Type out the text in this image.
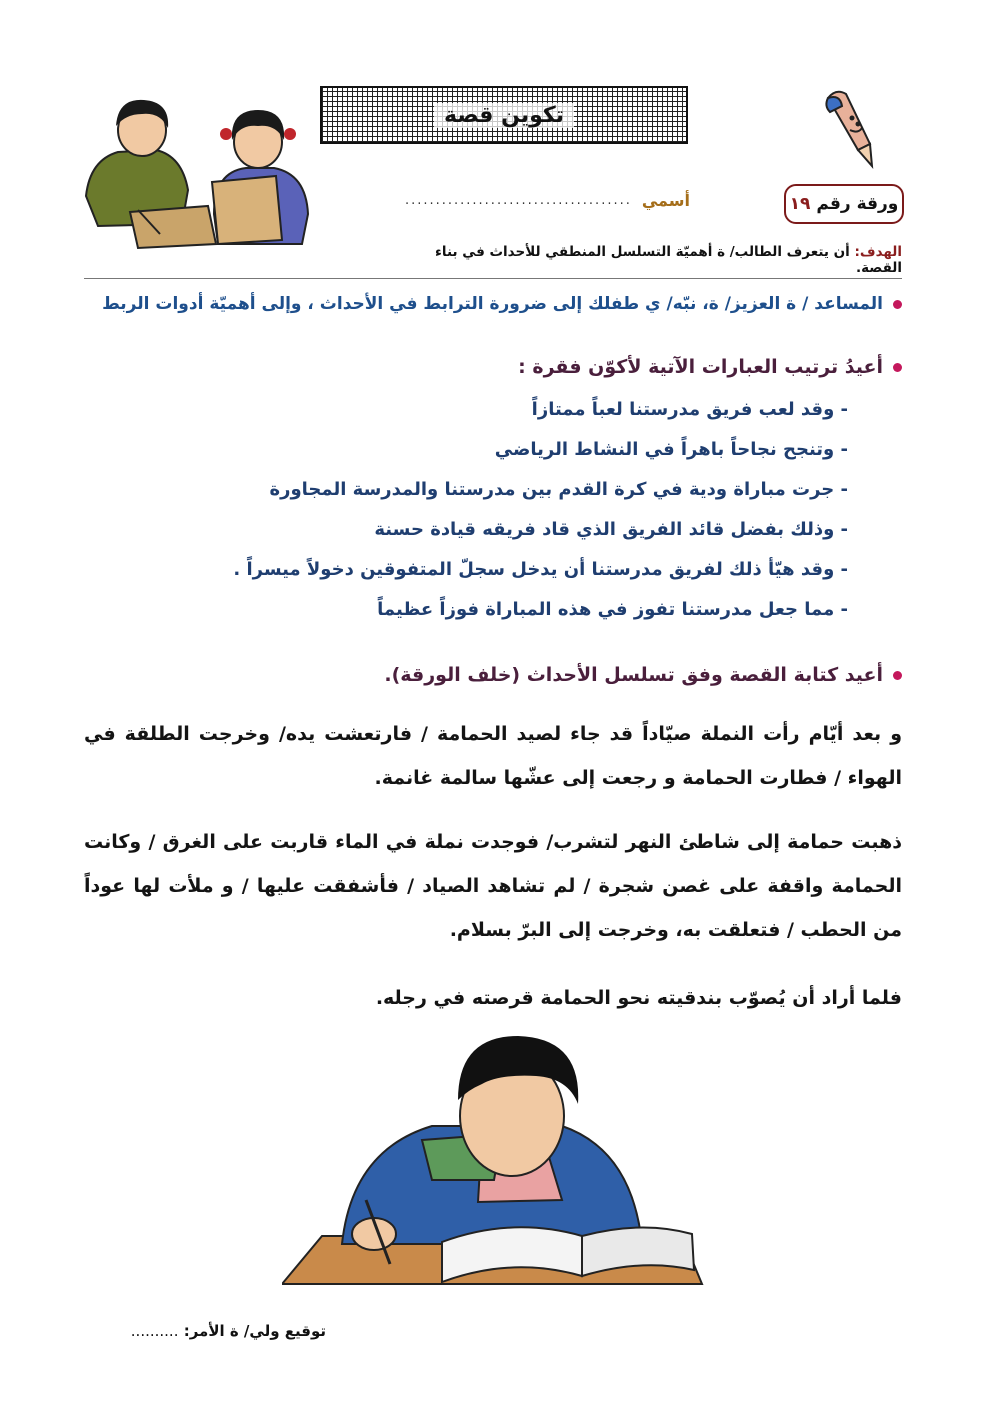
تكوين قصة
ورقة رقم
١٩
أسمي
.....................................
الهدف: أن يتعرف الطالب/ ة أهميّة التسلسل المنطقي للأحداث في بناء القصة.
المساعد / ة العزيز/ ة، نبّه/ ي طفلك إلى ضرورة الترابط في الأحداث ، وإلى أهميّة أدوات الربط
أعيدُ ترتيب العبارات الآتية لأكوّن فقرة :
- وقد لعب فريق مدرستنا لعباً ممتازاً
- وتنجح نجاحاً باهراً في النشاط الرياضي
- جرت مباراة ودية في كرة القدم بين مدرستنا والمدرسة المجاورة
- وذلك بفضل قائد الفريق الذي قاد فريقه قيادة حسنة
- وقد هيّأ ذلك لفريق مدرستنا أن يدخل سجلّ المتفوقين دخولاً ميسراً .
- مما جعل مدرستنا تفوز في هذه المباراة فوزاً عظيماً
أعيد كتابة القصة وفق تسلسل الأحداث (خلف الورقة).
و بعد أيّام رأت النملة صيّاداً قد جاء لصيد الحمامة / فارتعشت يده/ وخرجت الطلقة في الهواء / فطارت الحمامة و رجعت إلى عشّها سالمة غانمة.
ذهبت حمامة إلى شاطئ النهر لتشرب/ فوجدت نملة في الماء قاربت على الغرق / وكانت الحمامة واقفة على غصن شجرة / لم تشاهد الصياد / فأشفقت عليها / و ملأت لها عوداً من الحطب / فتعلقت به، وخرجت إلى البرّ بسلام.
فلما أراد أن يُصوّب بندقيته نحو الحمامة قرصته في رجله.
توقيع ولي/ ة الأمر: ..........
